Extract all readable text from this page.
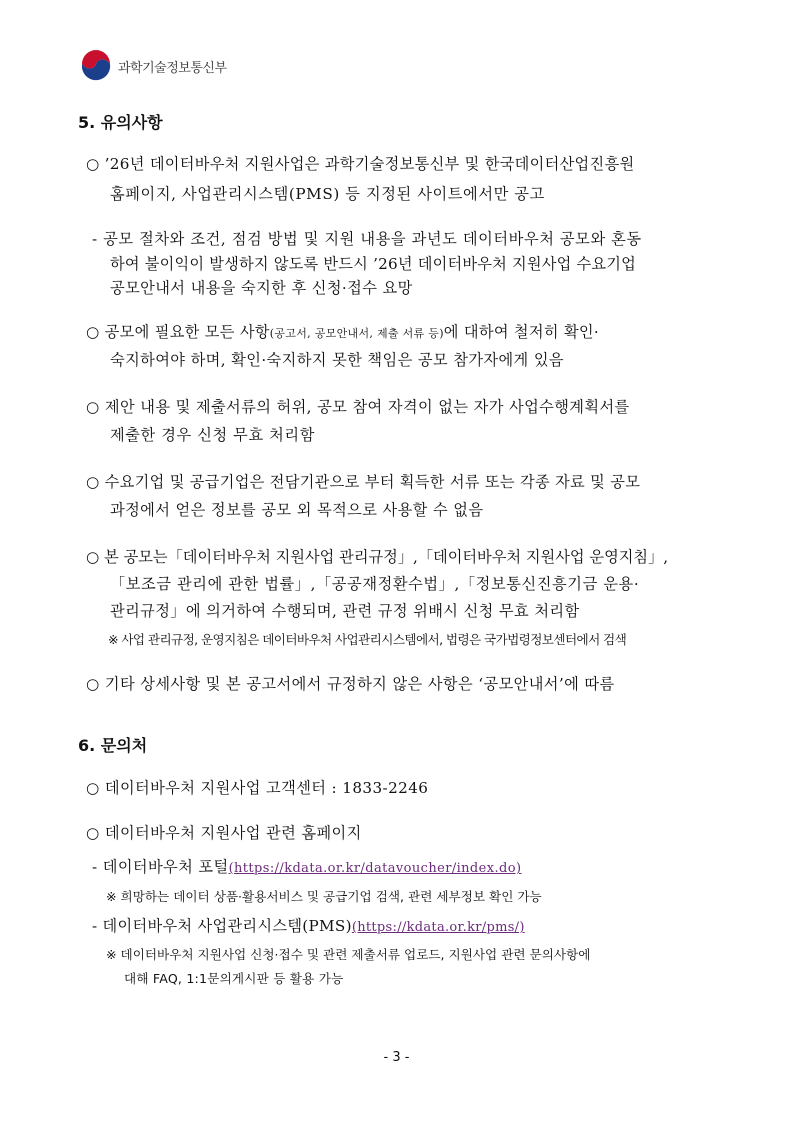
과학기술정보통신부
5. 유의사항
○ ’26년 데이터바우처 지원사업은 과학기술정보통신부 및 한국데이터산업진흥원
홈페이지, 사업관리시스템(PMS) 등 지정된 사이트에서만 공고
- 공모 절차와 조건, 점검 방법 및 지원 내용을 과년도 데이터바우처 공모와 혼동
하여 불이익이 발생하지 않도록 반드시 ’26년 데이터바우처 지원사업 수요기업
공모안내서 내용을 숙지한 후 신청·접수 요망
○ 공모에 필요한 모든 사항(공고서, 공모안내서, 제출 서류 등)에 대하여 철저히 확인·
숙지하여야 하며, 확인·숙지하지 못한 책임은 공모 참가자에게 있음
○ 제안 내용 및 제출서류의 허위, 공모 참여 자격이 없는 자가 사업수행계획서를
제출한 경우 신청 무효 처리함
○ 수요기업 및 공급기업은 전담기관으로 부터 획득한 서류 또는 각종 자료 및 공모
과정에서 얻은 정보를 공모 외 목적으로 사용할 수 없음
○ 본 공모는「데이터바우처 지원사업 관리규정」,「데이터바우처 지원사업 운영지침」,
「보조금 관리에 관한 법률」,「공공재정환수법」,「정보통신진흥기금 운용·
관리규정」에 의거하여 수행되며, 관련 규정 위배시 신청 무효 처리함
※ 사업 관리규정, 운영지침은 데이터바우처 사업관리시스템에서, 법령은 국가법령정보센터에서 검색
○ 기타 상세사항 및 본 공고서에서 규정하지 않은 사항은 ‘공모안내서’에 따름
6. 문의처
○ 데이터바우처 지원사업 고객센터 : 1833-2246
○ 데이터바우처 지원사업 관련 홈페이지
- 데이터바우처 포털(https://kdata.or.kr/datavoucher/index.do)
※ 희망하는 데이터 상품·활용서비스 및 공급기업 검색, 관련 세부정보 확인 가능
- 데이터바우처 사업관리시스템(PMS)(https://kdata.or.kr/pms/)
※ 데이터바우처 지원사업 신청·접수 및 관련 제출서류 업로드, 지원사업 관련 문의사항에
대해 FAQ, 1:1문의게시판 등 활용 가능
- 3 -
